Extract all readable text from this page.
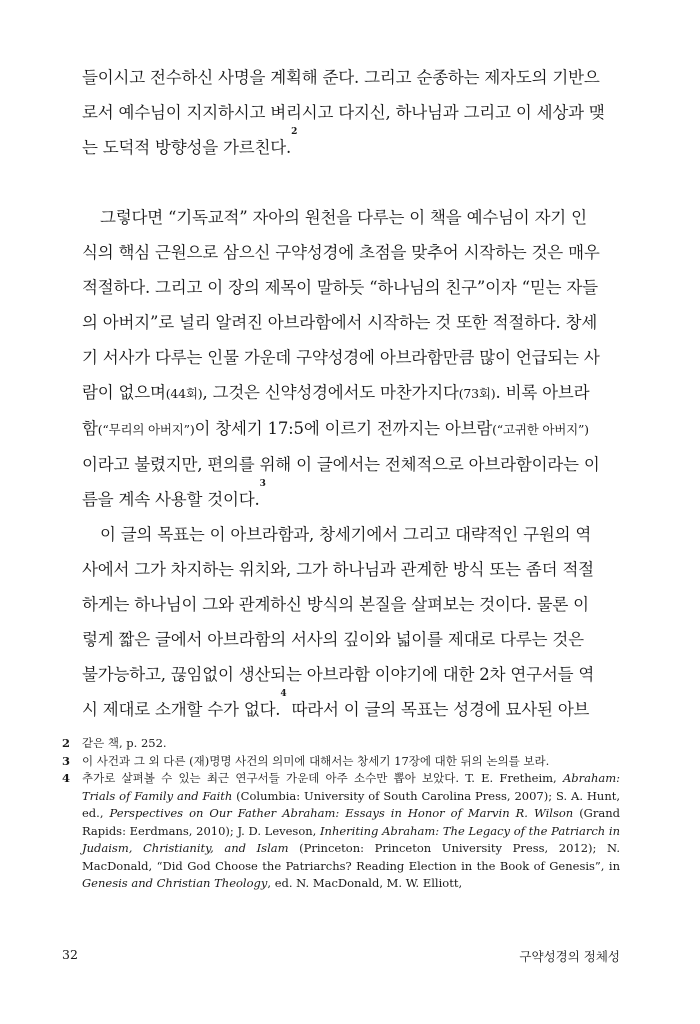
들이시고 전수하신 사명을 계획해 준다. 그리고 순종하는 제자도의 기반으
로서 예수님이 지지하시고 벼리시고 다지신, 하나님과 그리고 이 세상과 맺
는 도덕적 방향성을 가르친다.$^2$

그렇다면 “기독교적” 자아의 원천을 다루는 이 책을 예수님이 자기 인
식의 핵심 근원으로 삼으신 구약성경에 초점을 맞추어 시작하는 것은 매우
적절하다. 그리고 이 장의 제목이 말하듯 “하나님의 친구”이자 “믿는 자들
의 아버지”로 널리 알려진 아브라함에서 시작하는 것 또한 적절하다. 창세
기 서사가 다루는 인물 가운데 구약성경에 아브라함만큼 많이 언급되는 사
람이 없으며(44회), 그것은 신약성경에서도 마찬가지다(73회). 비록 아브라
함(“무리의 아버지”)이 창세기 17:5에 이르기 전까지는 아브람(“고귀한 아버지”)
이라고 불렸지만, 편의를 위해 이 글에서는 전체적으로 아브라함이라는 이
름을 계속 사용할 것이다.$^3$

이 글의 목표는 이 아브라함과, 창세기에서 그리고 대략적인 구원의 역
사에서 그가 차지하는 위치와, 그가 하나님과 관계한 방식 또는 좀더 적절
하게는 하나님이 그와 관계하신 방식의 본질을 살펴보는 것이다. 물론 이
렇게 짧은 글에서 아브라함의 서사의 깊이와 넓이를 제대로 다루는 것은
불가능하고, 끊임없이 생산되는 아브라함 이야기에 대한 2차 연구서들 역
시 제대로 소개할 수가 없다.$^4$ 따라서 이 글의 목표는 성경에 묘사된 아브

2	같은 책, p. 252.
3	이 사건과 그 외 다른 (재)명명 사건의 의미에 대해서는 창세기 17장에 대한 뒤의 논의를 보라.
4	추가로 살펴볼 수 있는 최근 연구서들 가운데 아주 소수만 뽑아 보았다. T. E. Fretheim, Abraham: Trials of Family and Faith (Columbia: University of South Carolina Press, 2007); S. A. Hunt, ed., Perspectives on Our Father Abraham: Essays in Honor of Marvin R. Wilson (Grand Rapids: Eerdmans, 2010); J. D. Leveson, Inheriting Abraham: The Legacy of the Patriarch in Judaism, Christianity, and Islam (Princeton: Princeton University Press, 2012); N. MacDonald, “Did God Choose the Patriarchs? Reading Election in the Book of Genesis”, in Genesis and Christian Theology, ed. N. MacDonald, M. W. Elliott,
32	구약성경의 정체성
